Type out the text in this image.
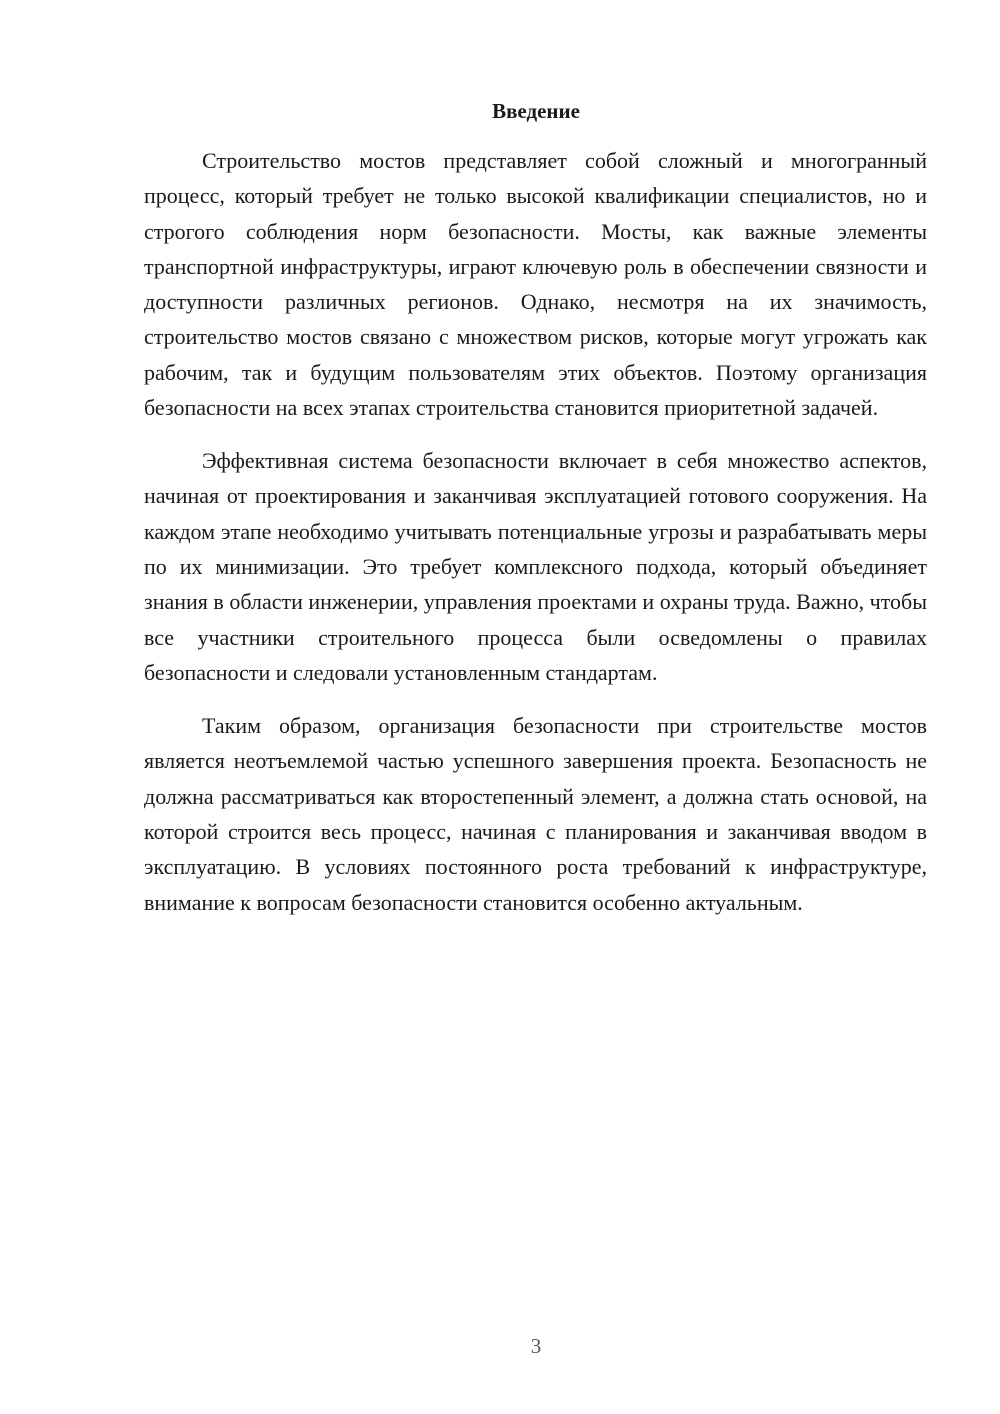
Введение

Строительство мостов представляет собой сложный и многогранный процесс, который требует не только высокой квалификации специалистов, но и строгого соблюдения норм безопасности. Мосты, как важные элементы транспортной инфраструктуры, играют ключевую роль в обеспечении связности и доступности различных регионов. Однако, несмотря на их значимость, строительство мостов связано с множеством рисков, которые могут угрожать как рабочим, так и будущим пользователям этих объектов. Поэтому организация безопасности на всех этапах строительства становится приоритетной задачей.

Эффективная система безопасности включает в себя множество аспектов, начиная от проектирования и заканчивая эксплуатацией готового сооружения. На каждом этапе необходимо учитывать потенциальные угрозы и разрабатывать меры по их минимизации. Это требует комплексного подхода, который объединяет знания в области инженерии, управления проектами и охраны труда. Важно, чтобы все участники строительного процесса были осведомлены о правилах безопасности и следовали установленным стандартам.

Таким образом, организация безопасности при строительстве мостов является неотъемлемой частью успешного завершения проекта. Безопасность не должна рассматриваться как второстепенный элемент, а должна стать основой, на которой строится весь процесс, начиная с планирования и заканчивая вводом в эксплуатацию. В условиях постоянного роста требований к инфраструктуре, внимание к вопросам безопасности становится особенно актуальным.

3
